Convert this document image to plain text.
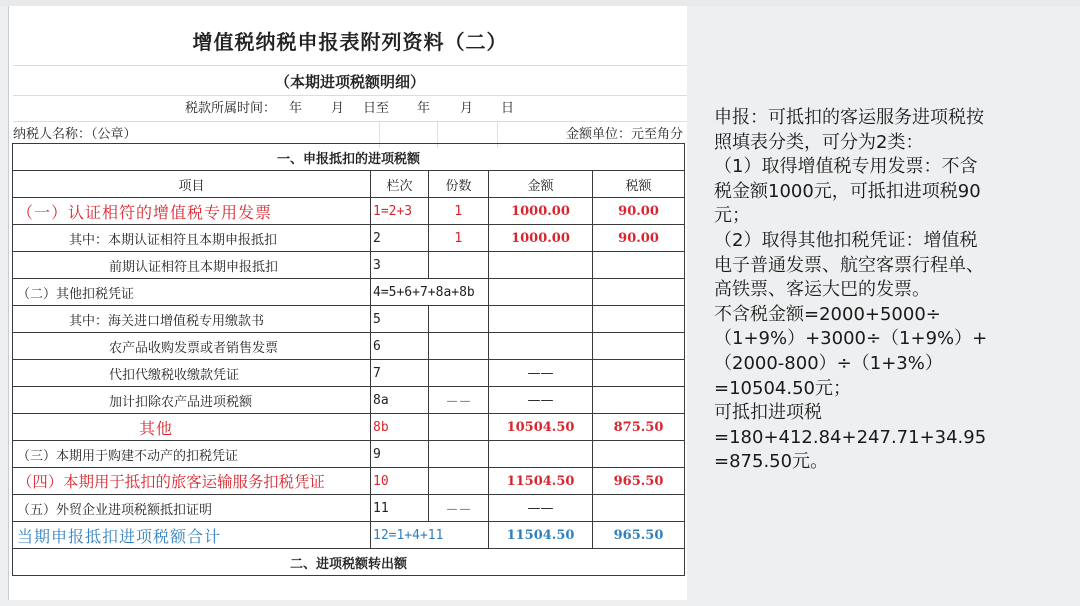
增值税纳税申报表附列资料（二）
（本期进项税额明细）
税款所属时间： 年 月 日至 年 月 日
纳税人名称：（公章）	金额单位：元至角分
一、申报抵扣的进项税额				
项目	栏次	份数	金额	税额
（一）认证相符的增值税专用发票	1=2+3	1	1000.00	90.00
其中：本期认证相符且本期申报抵扣	2	1	1000.00	90.00
前期认证相符且本期申报抵扣	3			
（二）其他扣税凭证	4=5+6+7+8a+8b			
其中：海关进口增值税专用缴款书	5			
农产品收购发票或者销售发票	6			
代扣代缴税收缴款凭证	7		——	
加计扣除农产品进项税额	8a	－－	——	
其他	8b		10504.50	875.50
（三）本期用于购建不动产的扣税凭证	9			
（四）本期用于抵扣的旅客运输服务扣税凭证	10		11504.50	965.50
（五）外贸企业进项税额抵扣证明	11	－－	——	
当期申报抵扣进项税额合计	12=1+4+11		11504.50	965.50
二、进项税额转出额				
申报：可抵扣的客运服务进项税按
照填表分类，可分为2类：
（1）取得增值税专用发票：不含
税金额1000元，可抵扣进项税90
元；
（2）取得其他扣税凭证：增值税
电子普通发票、航空客票行程单、
高铁票、客运大巴的发票。
不含税金额=2000+5000÷
（1+9%）+3000÷（1+9%）+
（2000-800）÷（1+3%）
=10504.50元；
可抵扣进项税
=180+412.84+247.71+34.95
=875.50元。
